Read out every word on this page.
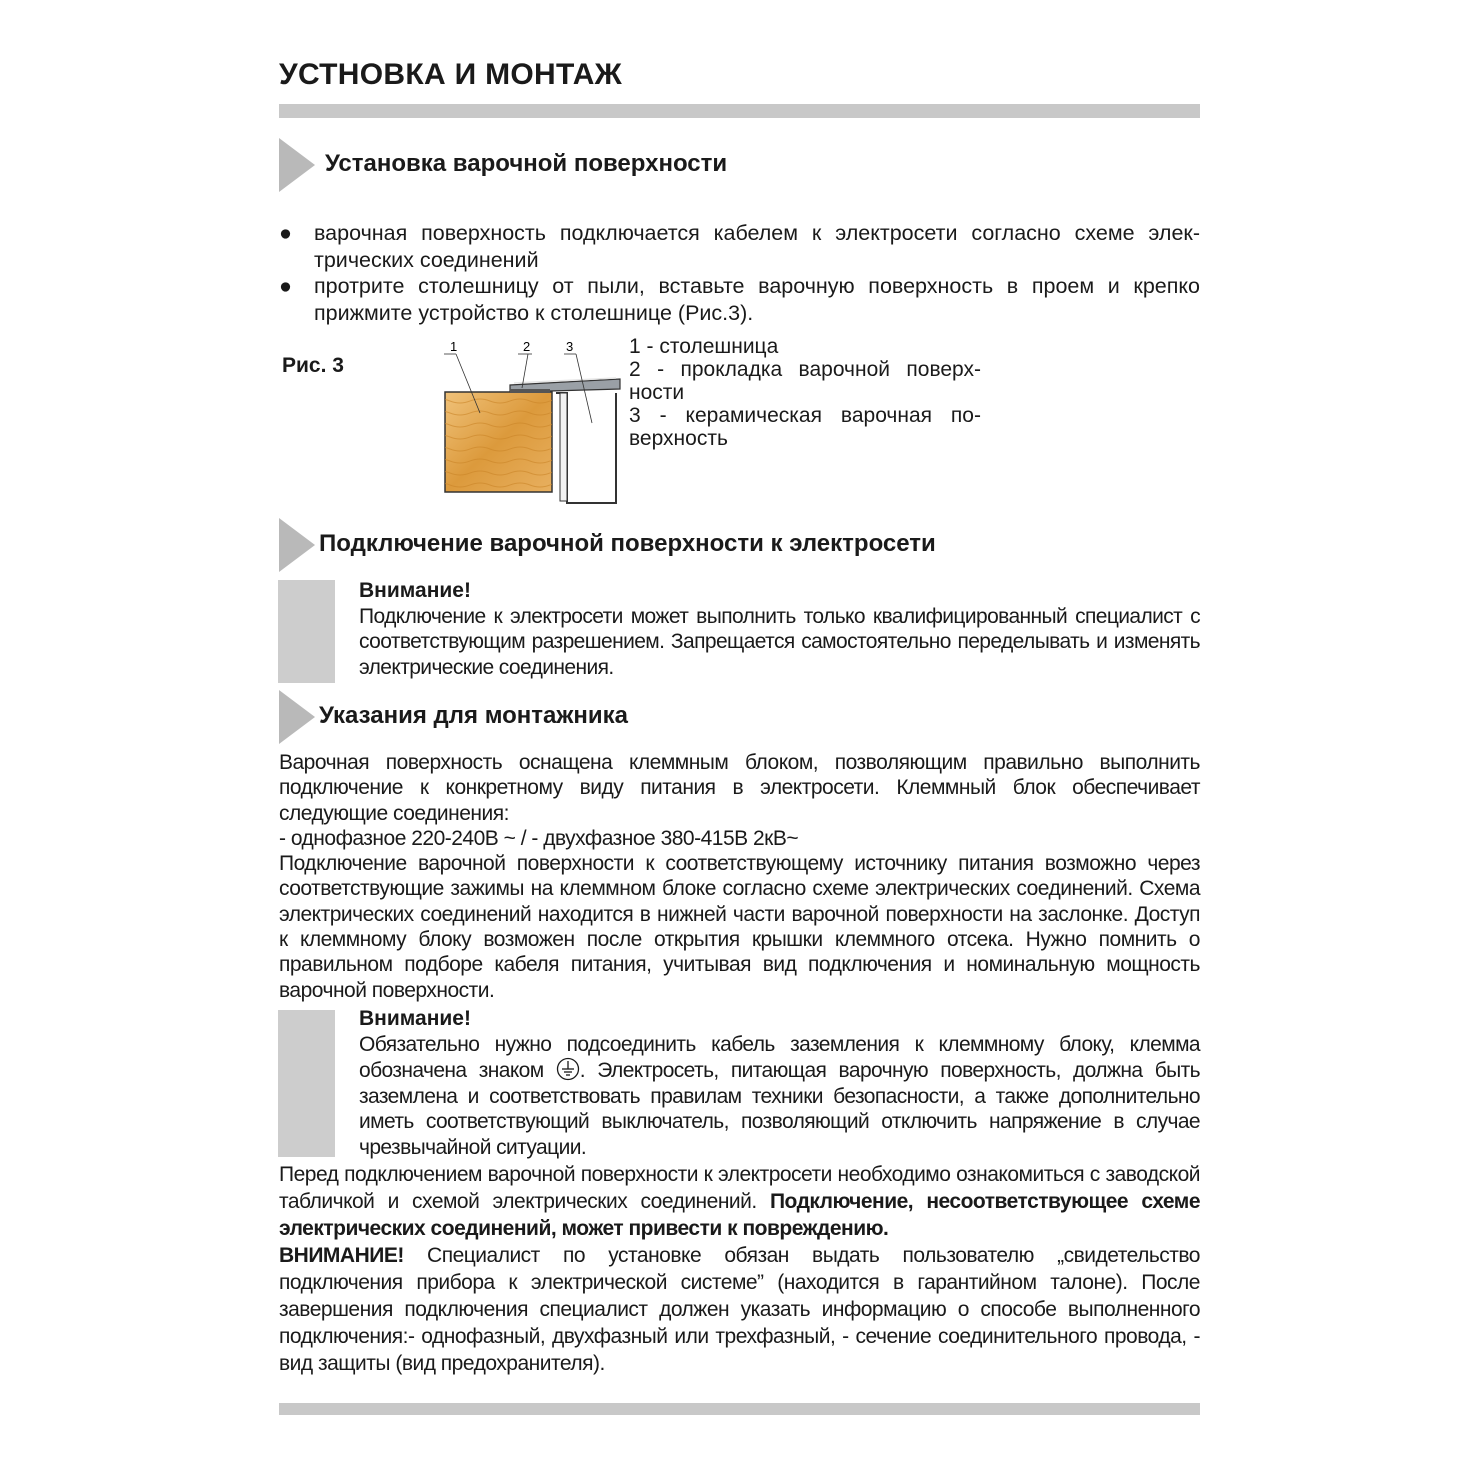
УСТНОВКА И МОНТАЖ
Установка варочной поверхности
● варочная поверхность подключается кабелем к электросети согласно схеме электрических соединений
● протрите столешницу от пыли, вставьте варочную поверхность в проем и крепко прижмите устройство к столешнице (Рис.3).
Рис. 3
1	2	3	1 - столешница
2 - прокладка варочной поверхности
3 - керамическая варочная поверхность
Подключение варочной поверхности к электросети
Внимание!

Подключение к электросети может выполнить только квалифицированный специалист с соответствующим разрешением. Запрещается самостоятельно переделывать и изменять электрические соединения.

Указания для монтажника

Варочная поверхность оснащена клеммным блоком, позволяющим правильно выполнить подключение к конкретному виду питания в электросети. Клеммный блок обеспечивает следующие соединения:

- однофазное 220-240В ~ / - двухфазное 380-415В 2кВ~

Подключение варочной поверхности к соответствующему источнику питания возможно через соответствующие зажимы на клеммном блоке согласно схеме электрических соединений. Схема электрических соединений находится в нижней части варочной поверхности на заслонке. Доступ к клеммному блоку возможен после открытия крышки клеммного отсека. Нужно помнить о правильном подборе кабеля питания, учитывая вид подключения и номинальную мощность варочной поверхности.

Внимание!

Обязательно нужно подсоединить кабель заземления к клеммному блоку, клемма обозначена знаком . Электросеть, питающая варочную поверхность, должна быть заземлена и соответствовать правилам техники безопасности, а также дополнительно иметь соответствующий выключатель, позволяющий отключить напряжение в случае чрезвычайной ситуации.

Перед подключением варочной поверхности к электросети необходимо ознакомиться с заводской табличкой и схемой электрических соединений. Подключение, несоответствующее схеме электрических соединений, может привести к повреждению.

ВНИМАНИЕ! Специалист по установке обязан выдать пользователю „свидетельство подключения прибора к электрической системе” (находится в гарантийном талоне). После завершения подключения специалист должен указать информацию о способе выполненного подключения:- однофазный, двухфазный или трехфазный, - сечение соединительного провода, - вид защиты (вид предохранителя).
